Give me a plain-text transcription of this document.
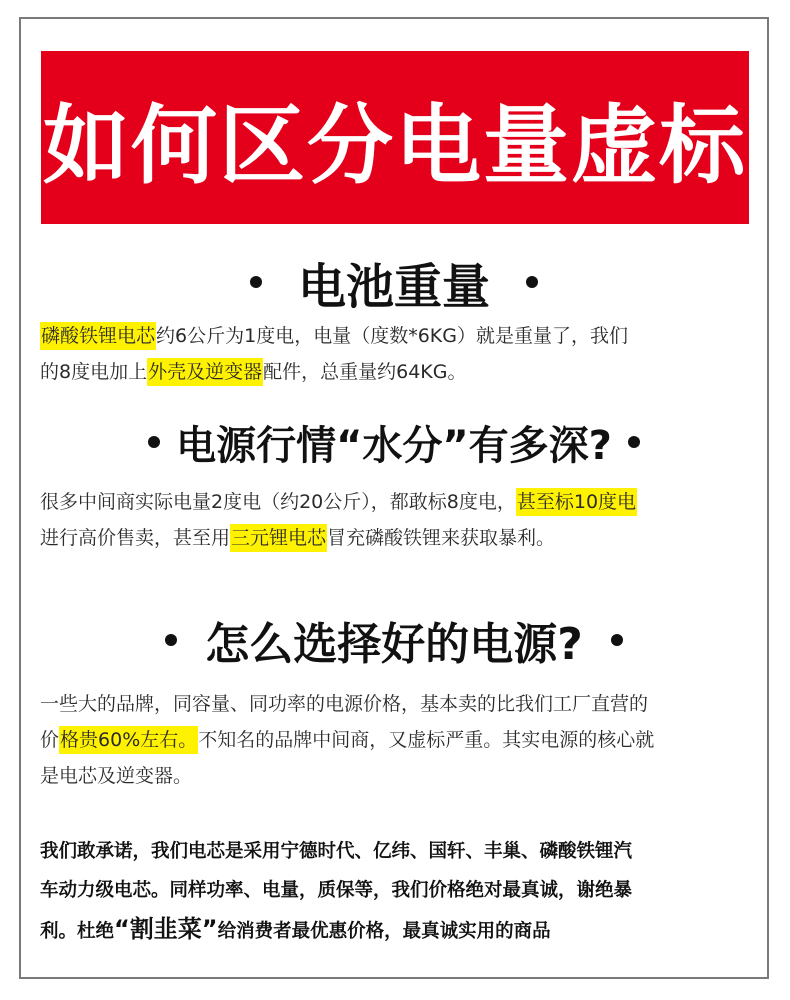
如何区分电量虚标
电池重量
磷酸铁锂电芯约6公斤为1度电，电量（度数*6KG）就是重量了，我们
的8度电加上外壳及逆变器配件，总重量约64KG。
电源行情“水分”有多深?
很多中间商实际电量2度电（约20公斤），都敢标8度电，甚至标10度电
进行高价售卖，甚至用三元锂电芯冒充磷酸铁锂来获取暴利。
怎么选择好的电源?
一些大的品牌，同容量、同功率的电源价格，基本卖的比我们工厂直营的
价格贵60%左右。不知名的品牌中间商，又虚标严重。其实电源的核心就
是电芯及逆变器。
我们敢承诺，我们电芯是采用宁德时代、亿纬、国轩、丰巢、磷酸铁锂汽
车动力级电芯。同样功率、电量，质保等，我们价格绝对最真诚，谢绝暴
利。杜绝“割韭菜”给消费者最优惠价格，最真诚实用的商品
